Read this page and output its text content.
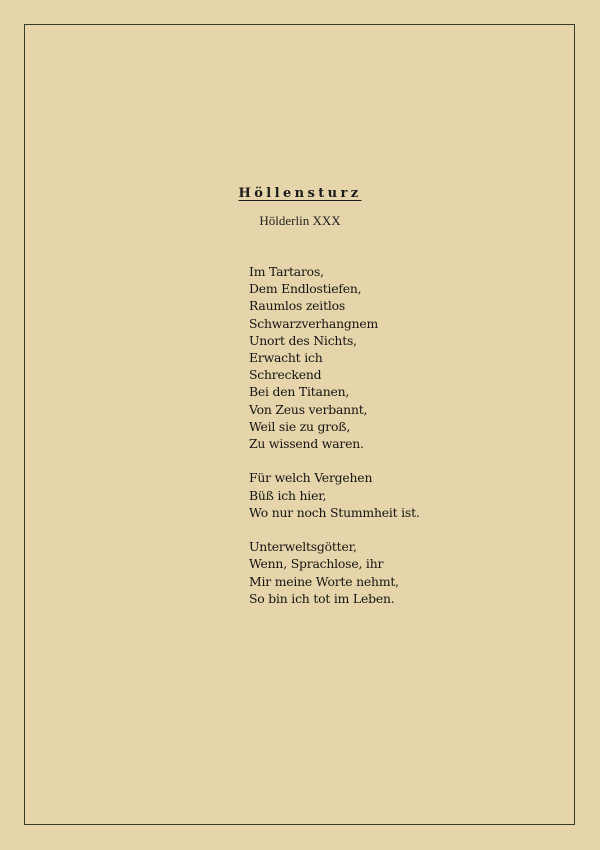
Höllensturz
Hölderlin XXX
Im Tartaros,
Dem Endlostiefen,
Raumlos zeitlos
Schwarzverhangnem
Unort des Nichts,
Erwacht ich
Schreckend
Bei den Titanen,
Von Zeus verbannt,
Weil sie zu groß,
Zu wissend waren.
Für welch Vergehen
Büß ich hier,
Wo nur noch Stummheit ist.
Unterweltsgötter,
Wenn, Sprachlose, ihr
Mir meine Worte nehmt,
So bin ich tot im Leben.
